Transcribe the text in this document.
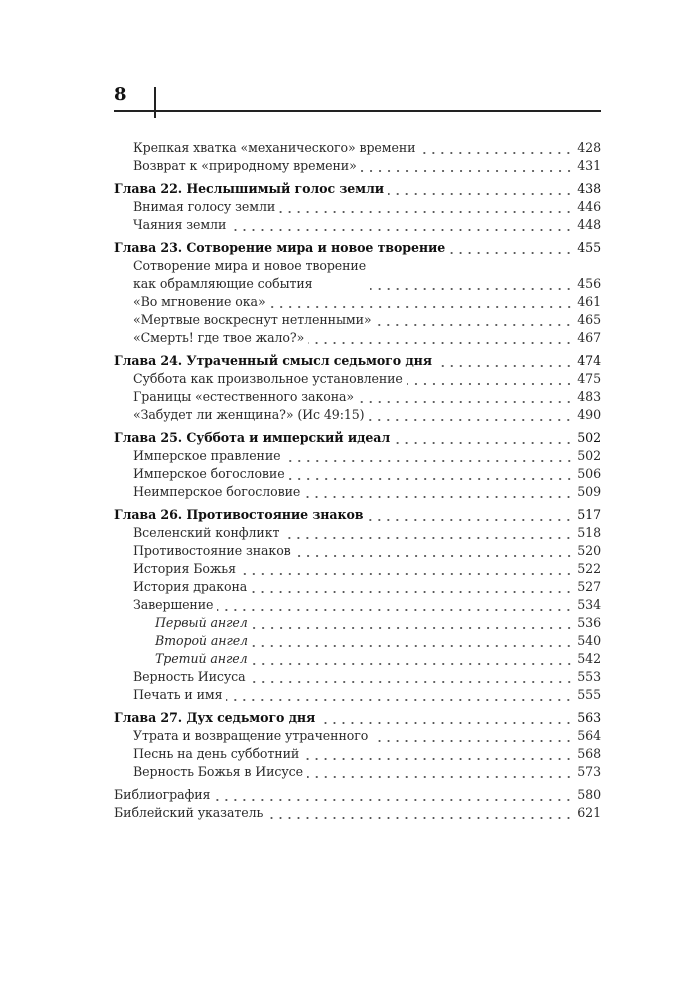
8
Крепкая хватка «механического» времени	428
Возврат к «природному времени»	431
Глава 22. Неслышимый голос земли	438
Внимая голосу земли	446
Чаяния земли	448
Глава 23. Сотворение мира и новое творение	455
Сотворение мира и новое творение
как обрамляющие события	456
«Во мгновение ока»	461
«Мертвые воскреснут нетленными»	465
«Смерть! где твое жало?»	467
Глава 24. Утраченный смысл седьмого дня	474
Суббота как произвольное установление	475
Границы «естественного закона»	483
«Забудет ли женщина?» (Ис 49:15)	490
Глава 25. Суббота и имперский идеал	502
Имперское правление	502
Имперское богословие	506
Неимперское богословие	509
Глава 26. Противостояние знаков	517
Вселенский конфликт	518
Противостояние знаков	520
История Божья	522
История дракона	527
Завершение	534
Первый ангел	536
Второй ангел	540
Третий ангел	542
Верность Иисуса	553
Печать и имя	555
Глава 27. Дух седьмого дня	563
Утрата и возвращение утраченного	564
Песнь на день субботний	568
Верность Божья в Иисусе	573
Библиография	580
Библейский указатель	621
